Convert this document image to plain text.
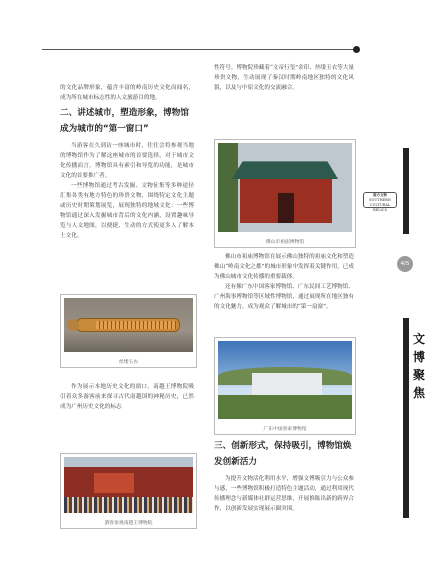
的文化品牌形象，蕴含丰富的岭南历史文化而闻名，成为所在城市标志性的人文旅游目的地。

二、讲述城市，塑造形象，博物馆成为城市的“第一窗口”

当游客在久到访一座城市时，往往会将参观当地的博物馆作为了解这座城市的首要选择。对于城市文化传播而言，博物馆具有索引和导览的功能，是城市文化的首要推广者。

一些博物馆通过考古发掘、文物征集等多种途径汇集各类有地方特色的珍贵文物，围绕特定文化主题或历史时期策划展览，展现独特的地域文化：一些博物馆通过深入发掘城市背后的文化内涵，设置趣味导览与人文地图，以便捷、生动的方式使更多人了解本土文化。

作为展示本地历史文化的窗口，南越王博物院吸引着众多游客前来探寻古代南越国的神秘历史，已然成为广州历史文化的标志

丝缕玉衣
游客参观南越王博物院

性符号。博物院珍藏着“文帝行玺”金印、丝缕玉衣等大量珍贵文物，生动展现了秦汉时期岭南地区独特的文化风貌，以及与中原文化的交流融合。

佛山市祖庙博物馆

佛山市祖庙博物馆在展示佛山独特的祖庙文化和塑造佛山“岭南文化之都”的城市形象中发挥着关键作用，已成为佛山城市文化传播的重要载体。

还有像广东中国客家博物馆、广东民间工艺博物馆、广州海事博物馆等区域性博物馆，通过展现所在地区独有的文化魅力，成为观众了解城市的“第一扇窗”。

广东中国客家博物馆
三、创新形式，保持吸引，博物馆焕发创新活力

为提升文物活化利用水平，增强文博吸引力与公众参与感，一些博物馆积极打造特色主题活动，通过利用现代传播理念与新媒体社群运营思维，开展推陈出新的跨界合作，以创新发展实现展示圈突围。

南方文物
SOUTHERN CULTURAL RELICS
4/5
文
博
聚
焦
